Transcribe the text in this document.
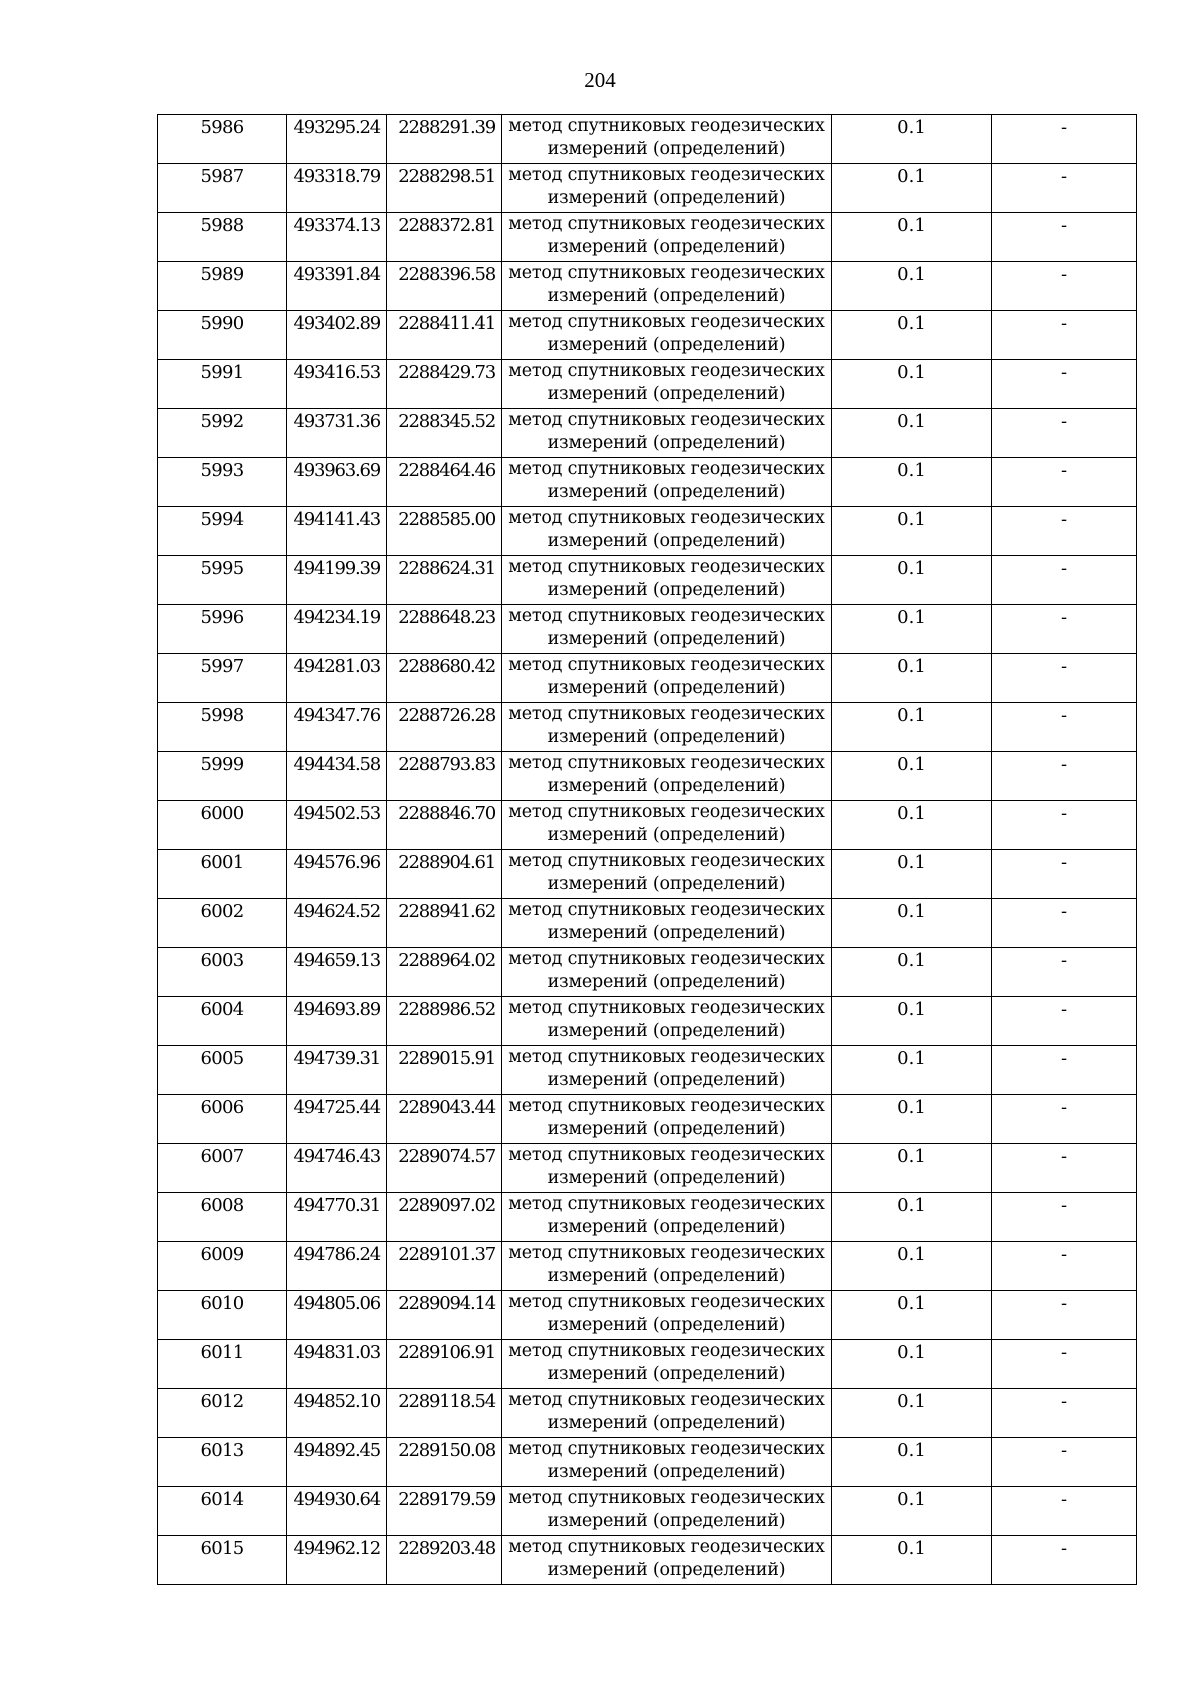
204
5986	493295.24	2288291.39	метод спутниковых геодезических
измерений (определений)	0.1	-
5987	493318.79	2288298.51	метод спутниковых геодезических
измерений (определений)	0.1	-
5988	493374.13	2288372.81	метод спутниковых геодезических
измерений (определений)	0.1	-
5989	493391.84	2288396.58	метод спутниковых геодезических
измерений (определений)	0.1	-
5990	493402.89	2288411.41	метод спутниковых геодезических
измерений (определений)	0.1	-
5991	493416.53	2288429.73	метод спутниковых геодезических
измерений (определений)	0.1	-
5992	493731.36	2288345.52	метод спутниковых геодезических
измерений (определений)	0.1	-
5993	493963.69	2288464.46	метод спутниковых геодезических
измерений (определений)	0.1	-
5994	494141.43	2288585.00	метод спутниковых геодезических
измерений (определений)	0.1	-
5995	494199.39	2288624.31	метод спутниковых геодезических
измерений (определений)	0.1	-
5996	494234.19	2288648.23	метод спутниковых геодезических
измерений (определений)	0.1	-
5997	494281.03	2288680.42	метод спутниковых геодезических
измерений (определений)	0.1	-
5998	494347.76	2288726.28	метод спутниковых геодезических
измерений (определений)	0.1	-
5999	494434.58	2288793.83	метод спутниковых геодезических
измерений (определений)	0.1	-
6000	494502.53	2288846.70	метод спутниковых геодезических
измерений (определений)	0.1	-
6001	494576.96	2288904.61	метод спутниковых геодезических
измерений (определений)	0.1	-
6002	494624.52	2288941.62	метод спутниковых геодезических
измерений (определений)	0.1	-
6003	494659.13	2288964.02	метод спутниковых геодезических
измерений (определений)	0.1	-
6004	494693.89	2288986.52	метод спутниковых геодезических
измерений (определений)	0.1	-
6005	494739.31	2289015.91	метод спутниковых геодезических
измерений (определений)	0.1	-
6006	494725.44	2289043.44	метод спутниковых геодезических
измерений (определений)	0.1	-
6007	494746.43	2289074.57	метод спутниковых геодезических
измерений (определений)	0.1	-
6008	494770.31	2289097.02	метод спутниковых геодезических
измерений (определений)	0.1	-
6009	494786.24	2289101.37	метод спутниковых геодезических
измерений (определений)	0.1	-
6010	494805.06	2289094.14	метод спутниковых геодезических
измерений (определений)	0.1	-
6011	494831.03	2289106.91	метод спутниковых геодезических
измерений (определений)	0.1	-
6012	494852.10	2289118.54	метод спутниковых геодезических
измерений (определений)	0.1	-
6013	494892.45	2289150.08	метод спутниковых геодезических
измерений (определений)	0.1	-
6014	494930.64	2289179.59	метод спутниковых геодезических
измерений (определений)	0.1	-
6015	494962.12	2289203.48	метод спутниковых геодезических
измерений (определений)	0.1	-
